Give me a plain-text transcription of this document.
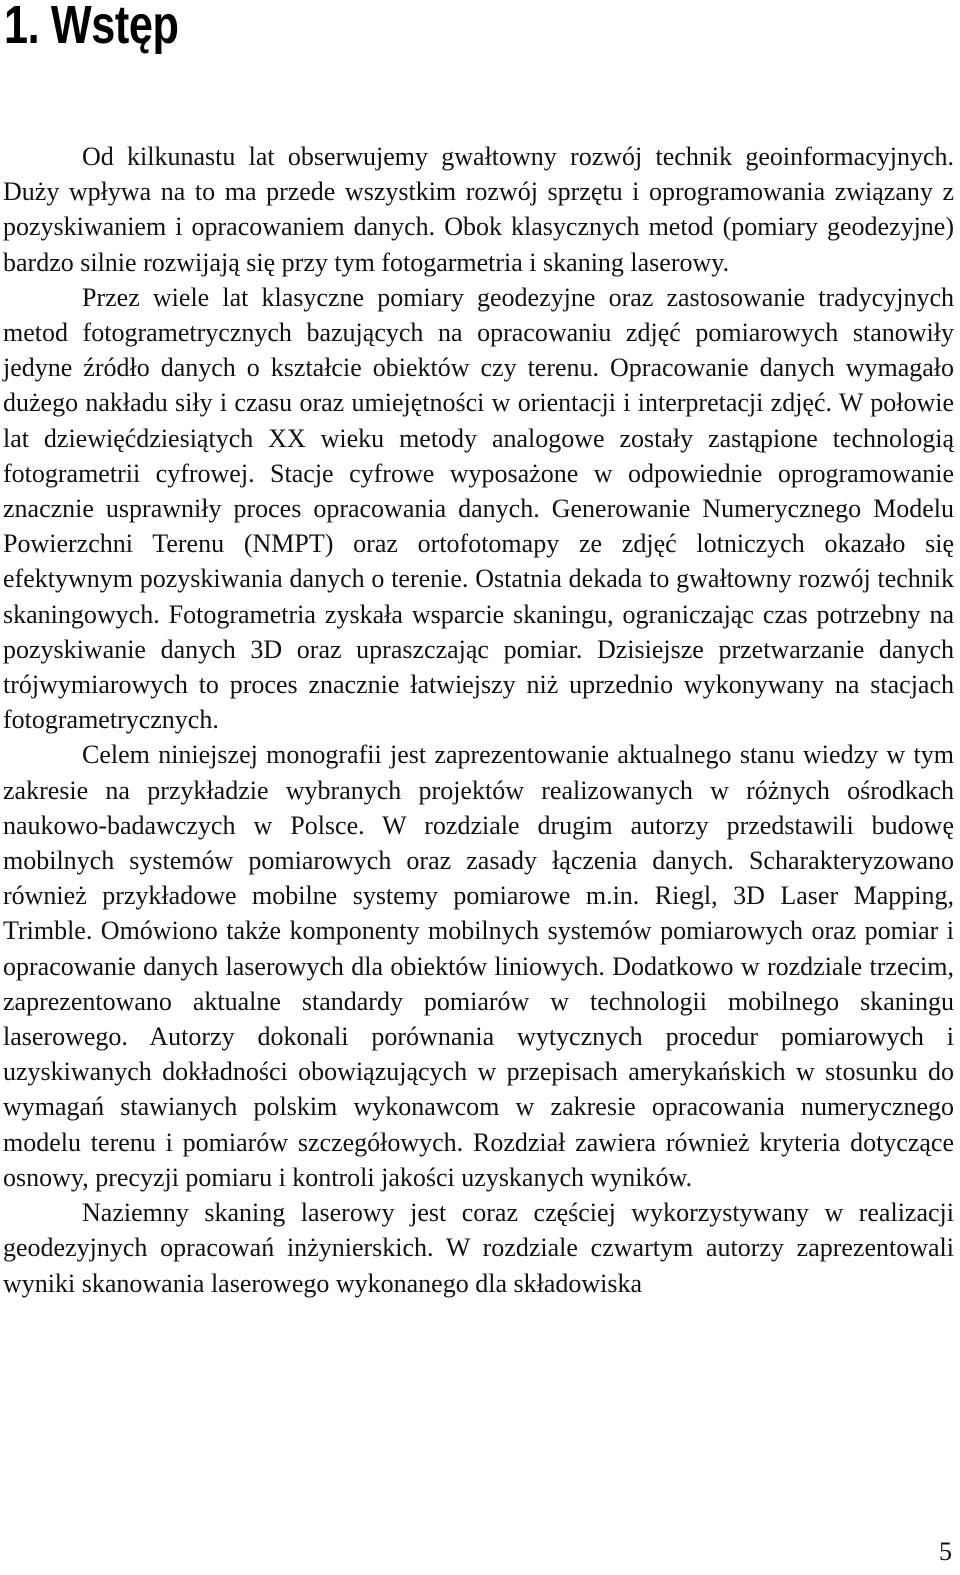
1. Wstęp

Od kilkunastu lat obserwujemy gwałtowny rozwój technik geoinformacyjnych. Duży wpływa na to ma przede wszystkim rozwój sprzętu i oprogramowania związany z pozyskiwaniem i opracowaniem danych. Obok klasycznych metod (pomiary geodezyjne) bardzo silnie rozwijają się przy tym fotogarmetria i skaning laserowy.

Przez wiele lat klasyczne pomiary geodezyjne oraz zastosowanie tradycyjnych metod fotogrametrycznych bazujących na opracowaniu zdjęć pomiarowych stanowiły jedyne źródło danych o kształcie obiektów czy terenu. Opracowanie danych wymagało dużego nakładu siły i czasu oraz umiejętności w orientacji i interpretacji zdjęć. W połowie lat dziewięćdziesiątych XX wieku metody analogowe zostały zastąpione technologią fotogrametrii cyfrowej. Stacje cyfrowe wyposażone w odpowiednie oprogramowanie znacznie usprawniły proces opracowania danych. Generowanie Numerycznego Modelu Powierzchni Terenu (NMPT) oraz ortofotomapy ze zdjęć lotniczych okazało się efektywnym pozyskiwania danych o terenie. Ostatnia dekada to gwałtowny rozwój technik skaningowych. Fotogrametria zyskała wsparcie skaningu, ograniczając czas potrzebny na pozyskiwanie danych 3D oraz upraszczając pomiar. Dzisiejsze przetwarzanie danych trójwymiarowych to proces znacznie łatwiejszy niż uprzednio wykonywany na stacjach fotogrametrycznych.

Celem niniejszej monografii jest zaprezentowanie aktualnego stanu wiedzy w tym zakresie na przykładzie wybranych projektów realizowanych w różnych ośrodkach naukowo-badawczych w Polsce. W rozdziale drugim autorzy przedstawili budowę mobilnych systemów pomiarowych oraz zasady łączenia danych. Scharakteryzowano również przykładowe mobilne systemy pomiarowe m.in. Riegl, 3D Laser Mapping, Trimble. Omówiono także komponenty mobilnych systemów pomiarowych oraz pomiar i opracowanie danych laserowych dla obiektów liniowych. Dodatkowo w rozdziale trzecim, zaprezentowano aktualne standardy pomiarów w technologii mobilnego skaningu laserowego. Autorzy dokonali porównania wytycznych procedur pomiarowych i uzyskiwanych dokładności obowiązujących w przepisach amerykańskich w stosunku do wymagań stawianych polskim wykonawcom w zakresie opracowania numerycznego modelu terenu i pomiarów szczegółowych. Rozdział zawiera również kryteria dotyczące osnowy, precyzji pomiaru i kontroli jakości uzyskanych wyników.

Naziemny skaning laserowy jest coraz częściej wykorzystywany w realizacji geodezyjnych opracowań inżynierskich. W rozdziale czwartym autorzy zaprezentowali wyniki skanowania laserowego wykonanego dla składowiska

5
